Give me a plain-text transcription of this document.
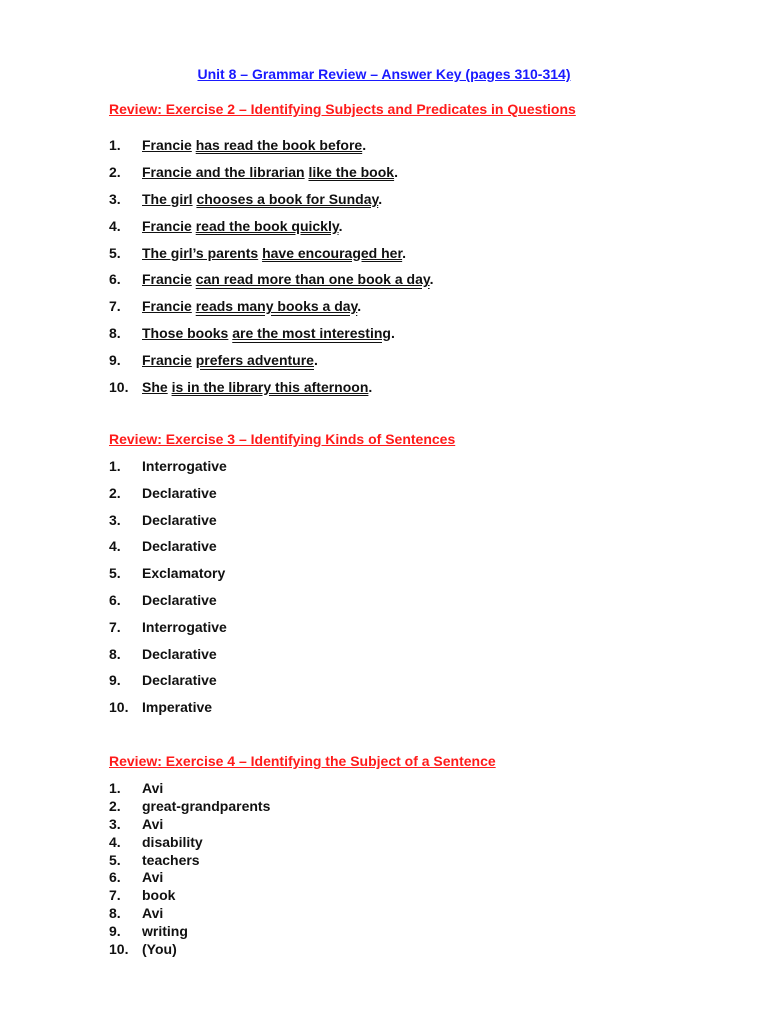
Unit 8 – Grammar Review – Answer Key (pages 310-314)
Review: Exercise 2 – Identifying Subjects and Predicates in Questions
1. Francie has read the book before.
2. Francie and the librarian like the book.
3. The girl chooses a book for Sunday.
4. Francie read the book quickly.
5. The girl’s parents have encouraged her.
6. Francie can read more than one book a day.
7. Francie reads many books a day.
8. Those books are the most interesting.
9. Francie prefers adventure.
10. She is in the library this afternoon.
Review: Exercise 3 – Identifying Kinds of Sentences
1. Interrogative
2. Declarative
3. Declarative
4. Declarative
5. Exclamatory
6. Declarative
7. Interrogative
8. Declarative
9. Declarative
10. Imperative
Review: Exercise 4 – Identifying the Subject of a Sentence
1. Avi
2. great-grandparents
3. Avi
4. disability
5. teachers
6. Avi
7. book
8. Avi
9. writing
10. (You)
